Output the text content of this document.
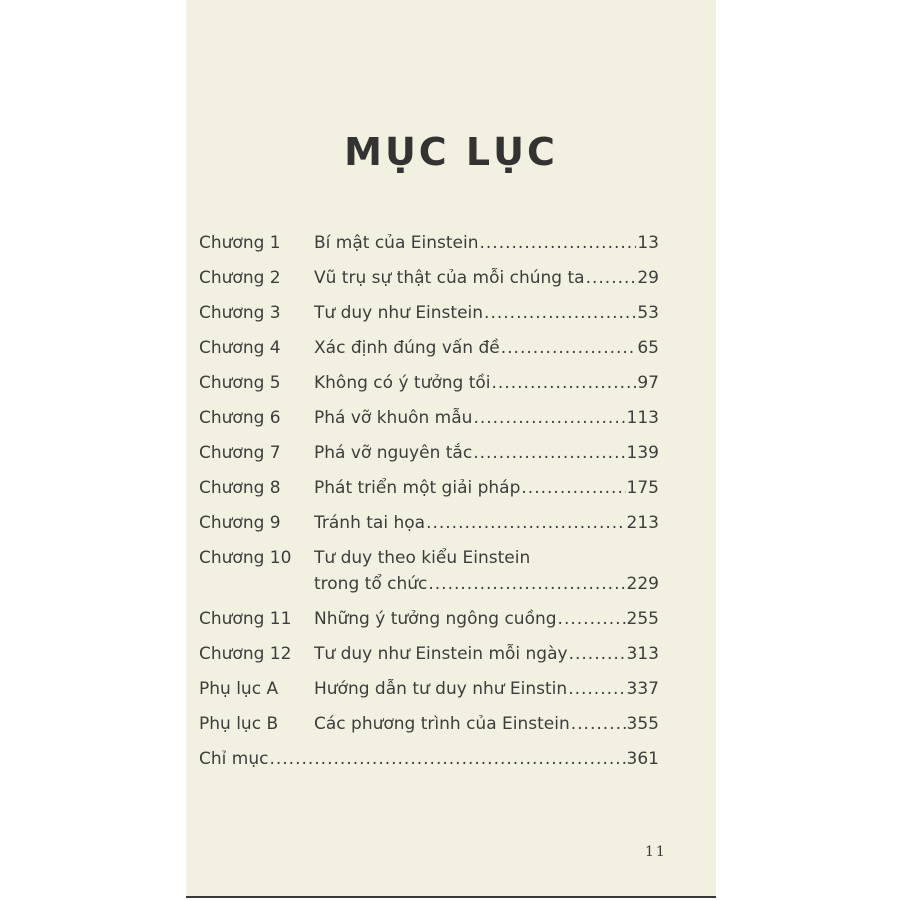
MỤC LỤC
Chương 1	Bí mật của Einstein .....	13
Chương 2	Vũ trụ sự thật của mỗi chúng ta .....	29
Chương 3	Tư duy như Einstein .....	53
Chương 4	Xác định đúng vấn đề .....	65
Chương 5	Không có ý tưởng tồi .....	97
Chương 6	Phá vỡ khuôn mẫu .....	113
Chương 7	Phá vỡ nguyên tắc .....	139
Chương 8	Phát triển một giải pháp .....	175
Chương 9	Tránh tai họa .....	213
Chương 10	Tư duy theo kiểu Einstein
trong tổ chức .....	229
Chương 11	Những ý tưởng ngông cuồng .....	255
Chương 12	Tư duy như Einstein mỗi ngày .....	313
Phụ lục A	Hướng dẫn tư duy như Einstin .....	337
Phụ lục B	Các phương trình của Einstein .....	355
Chỉ mục .....	361
11
